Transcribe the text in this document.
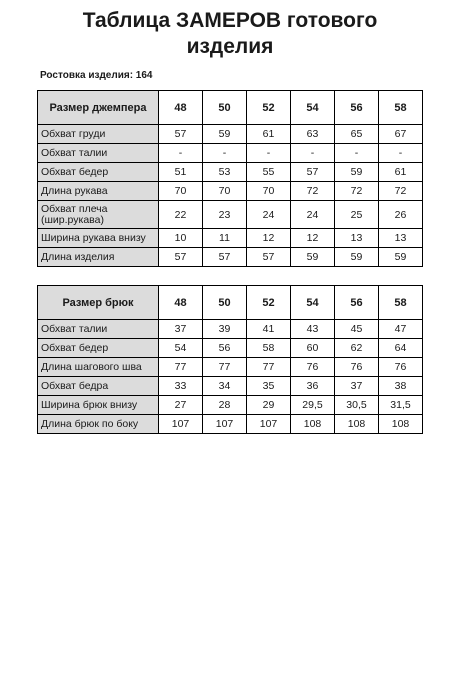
Таблица ЗАМЕРОВ готового
изделия

Ростовка изделия: 164

Размер джемпера	48	50	52	54	56	58
Обхват груди	57	59	61	63	65	67
Обхват талии	-	-	-	-	-	-
Обхват бедер	51	53	55	57	59	61
Длина рукава	70	70	70	72	72	72
Обхват плеча (шир.рукава)	22	23	24	24	25	26
Ширина рукава внизу	10	11	12	12	13	13
Длина изделия	57	57	57	59	59	59
Размер брюк	48	50	52	54	56	58
Обхват талии	37	39	41	43	45	47
Обхват бедер	54	56	58	60	62	64
Длина шагового шва	77	77	77	76	76	76
Обхват бедра	33	34	35	36	37	38
Ширина брюк внизу	27	28	29	29,5	30,5	31,5
Длина брюк по боку	107	107	107	108	108	108
